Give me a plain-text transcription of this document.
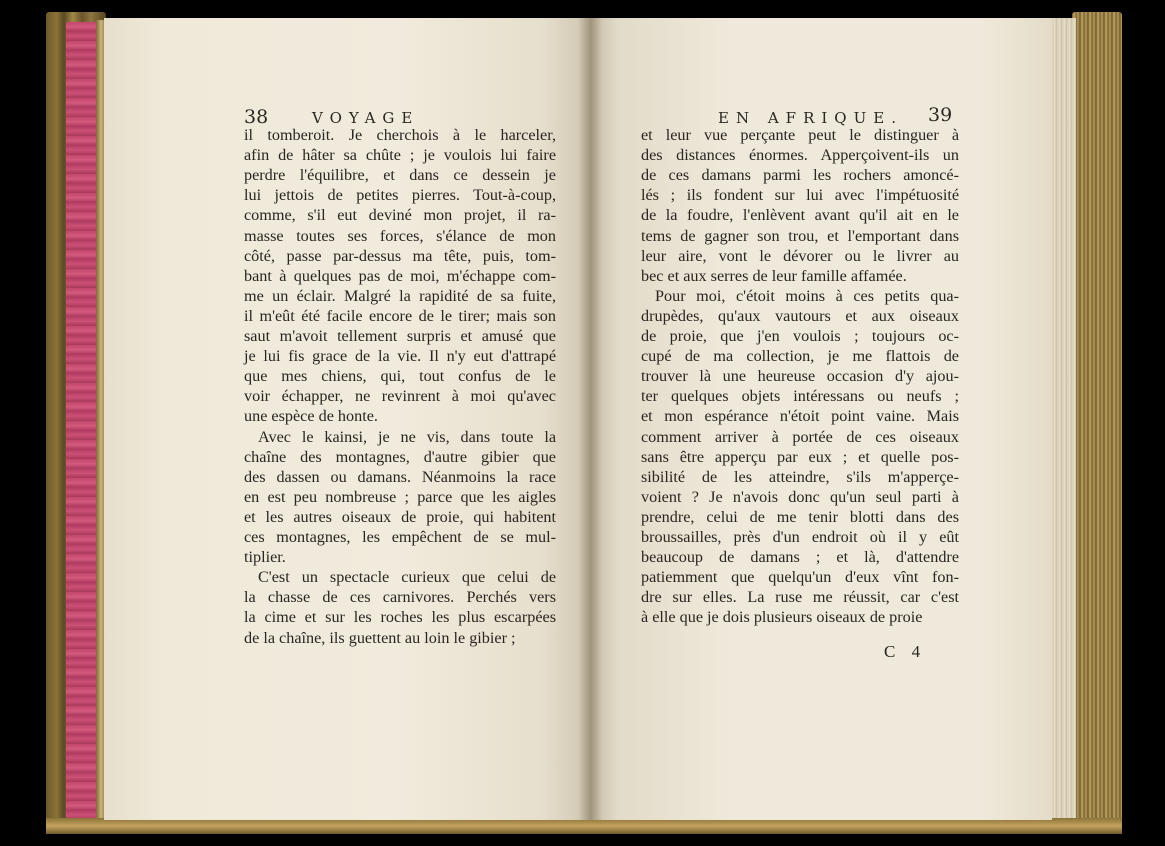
38	VOYAGE	EN AFRIQUE. 39
il tomberoit. Je cherchois à le harceler,
afin de hâter sa chûte ; je voulois lui faire
perdre l'équilibre, et dans ce dessein je
lui jettois de petites pierres. Tout-à-coup,
comme, s'il eut deviné mon projet, il ra-
masse toutes ses forces, s'élance de mon
côté, passe par-dessus ma tête, puis, tom-
bant à quelques pas de moi, m'échappe com-
me un éclair. Malgré la rapidité de sa fuite,
il m'eût été facile encore de le tirer; mais son
saut m'avoit tellement surpris et amusé que
je lui fis grace de la vie. Il n'y eut d'attrapé
que mes chiens, qui, tout confus de le
voir échapper, ne revinrent à moi qu'avec
une espèce de honte.
Avec le kainsi, je ne vis, dans toute la
chaîne des montagnes, d'autre gibier que
des dassen ou damans. Néanmoins la race
en est peu nombreuse ; parce que les aigles
et les autres oiseaux de proie, qui habitent
ces montagnes, les empêchent de se mul-
tiplier.
C'est un spectacle curieux que celui de
la chasse de ces carnivores. Perchés vers
la cime et sur les roches les plus escarpées
de la chaîne, ils guettent au loin le gibier ;
et leur vue perçante peut le distinguer à
des distances énormes. Apperçoivent-ils un
de ces damans parmi les rochers amoncé-
lés ; ils fondent sur lui avec l'impétuosité
de la foudre, l'enlèvent avant qu'il ait en le
tems de gagner son trou, et l'emportant dans
leur aire, vont le dévorer ou le livrer au
bec et aux serres de leur famille affamée.
Pour moi, c'étoit moins à ces petits qua-
drupèdes, qu'aux vautours et aux oiseaux
de proie, que j'en voulois ; toujours oc-
cupé de ma collection, je me flattois de
trouver là une heureuse occasion d'y ajou-
ter quelques objets intéressans ou neufs ;
et mon espérance n'étoit point vaine. Mais
comment arriver à portée de ces oiseaux
sans être apperçu par eux ; et quelle pos-
sibilité de les atteindre, s'ils m'apperçe-
voient ? Je n'avois donc qu'un seul parti à
prendre, celui de me tenir blotti dans des
broussailles, près d'un endroit où il y eût
beaucoup de damans ; et là, d'attendre
patiemment que quelqu'un d'eux vînt fon-
dre sur elles. La ruse me réussit, car c'est
à elle que je dois plusieurs oiseaux de proie
C 4
